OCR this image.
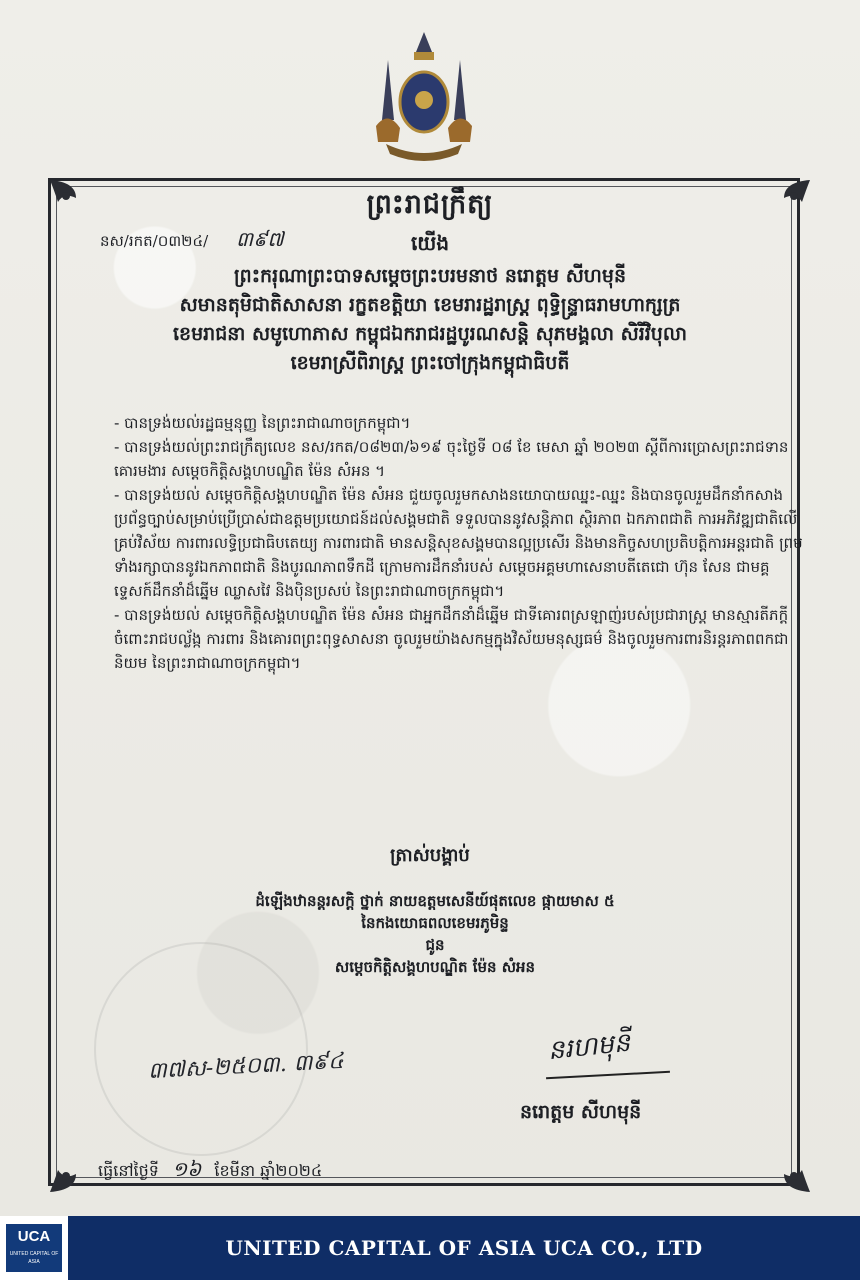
ព្រះរាជក្រឹត្យ
នស/រកត/០៣២៤/ ៣៩៧	យើង
ព្រះករុណាព្រះបាទសម្តេចព្រះបរមនាថ នរោត្តម សីហមុនី
សមានតុមិជាតិសាសនា រក្ខតខត្តិយា ខេមរារដ្ឋរាស្ត្រ ពុទ្ធិន្ទ្រាធរាមហាក្សត្រ
ខេមរាជនា សមូហោភាស កម្ពុជឯករាជរដ្ឋបូរណសន្តិ សុភមង្គលា សិរីវិបុលា
ខេមរាស្រីពិរាស្ត្រ ព្រះចៅក្រុងកម្ពុជាធិបតី
- បានទ្រង់យល់រដ្ឋធម្មនុញ្ញ នៃព្រះរាជាណាចក្រកម្ពុជា។
- បានទ្រង់យល់ព្រះរាជក្រឹត្យលេខ នស/រកត/០៨២៣/៦១៩ ចុះថ្ងៃទី ០៨ ខែ មេសា ឆ្នាំ ២០២៣ ស្តីពីការប្រោសព្រះរាជទានគោរមងារ សម្តេចកិត្តិសង្គហបណ្ឌិត ម៉ែន សំអន ។
- បានទ្រង់យល់ សម្តេចកិត្តិសង្គហបណ្ឌិត ម៉ែន សំអន ជួយចូលរួមកសាងនយោបាយឈ្នះ-ឈ្នះ និងបានចូលរួមដឹកនាំកសាងប្រព័ន្ធច្បាប់សម្រាប់ប្រើប្រាស់ជាឧត្តមប្រយោជន៍ដល់សង្គមជាតិ ទទួលបាននូវសន្តិភាព ស្ថិរភាព ឯកភាពជាតិ ការអភិវឌ្ឍជាតិលើគ្រប់វិស័យ ការពារលទ្ធិប្រជាធិបតេយ្យ ការពារជាតិ មានសន្តិសុខសង្គមបានល្អប្រសើរ និងមានកិច្ចសហប្រតិបត្តិការអន្តរជាតិ ព្រមទាំងរក្សាបាននូវឯកភាពជាតិ និងបូរណភាពទឹកដី ក្រោមការដឹកនាំរបស់ សម្តេចអគ្គមហាសេនាបតីតេជោ ហ៊ុន សែន ជាមគ្គទេ្ទសក៍ដឹកនាំដ៏ឆ្នើម ឈ្លាសវៃ និងប៉ិនប្រសប់ នៃព្រះរាជាណាចក្រកម្ពុជា។
- បានទ្រង់យល់ សម្តេចកិត្តិសង្គហបណ្ឌិត ម៉ែន សំអន ជាអ្នកដឹកនាំដ៏ឆ្នើម ជាទីគោរពស្រឡាញ់របស់ប្រជារាស្ត្រ មានស្មារតីភក្តីចំពោះរាជបល្ល័ង្ក ការពារ និងគោរពព្រះពុទ្ធសាសនា ចូលរួមយ៉ាងសកម្មក្នុងវិស័យមនុស្សធម៌ និងចូលរួមការពារនិរន្តរភាពពកជានិយម នៃព្រះរាជាណាចក្រកម្ពុជា។
ត្រាស់បង្គាប់
ដំឡើងឋានន្តរសក្តិ ថ្នាក់ នាយឧត្តមសេនីយ៍ផុតលេខ ផ្កាយមាស ៥
នៃកងយោធពលខេមរភូមិន្ទ
ជូន
សម្តេចកិត្តិសង្គហបណ្ឌិត ម៉ែន សំអន
៣៧ស-២៥០៣. ៣៩៤
នរហមុនី
នរោត្តម សីហមុនី
ធ្វើនៅថ្ងៃទី ១៦ ខែមីនា ឆ្នាំ២០២៤
UCA
UNITED CAPITAL OF ASIA
UNITED CAPITAL OF ASIA UCA CO., LTD
